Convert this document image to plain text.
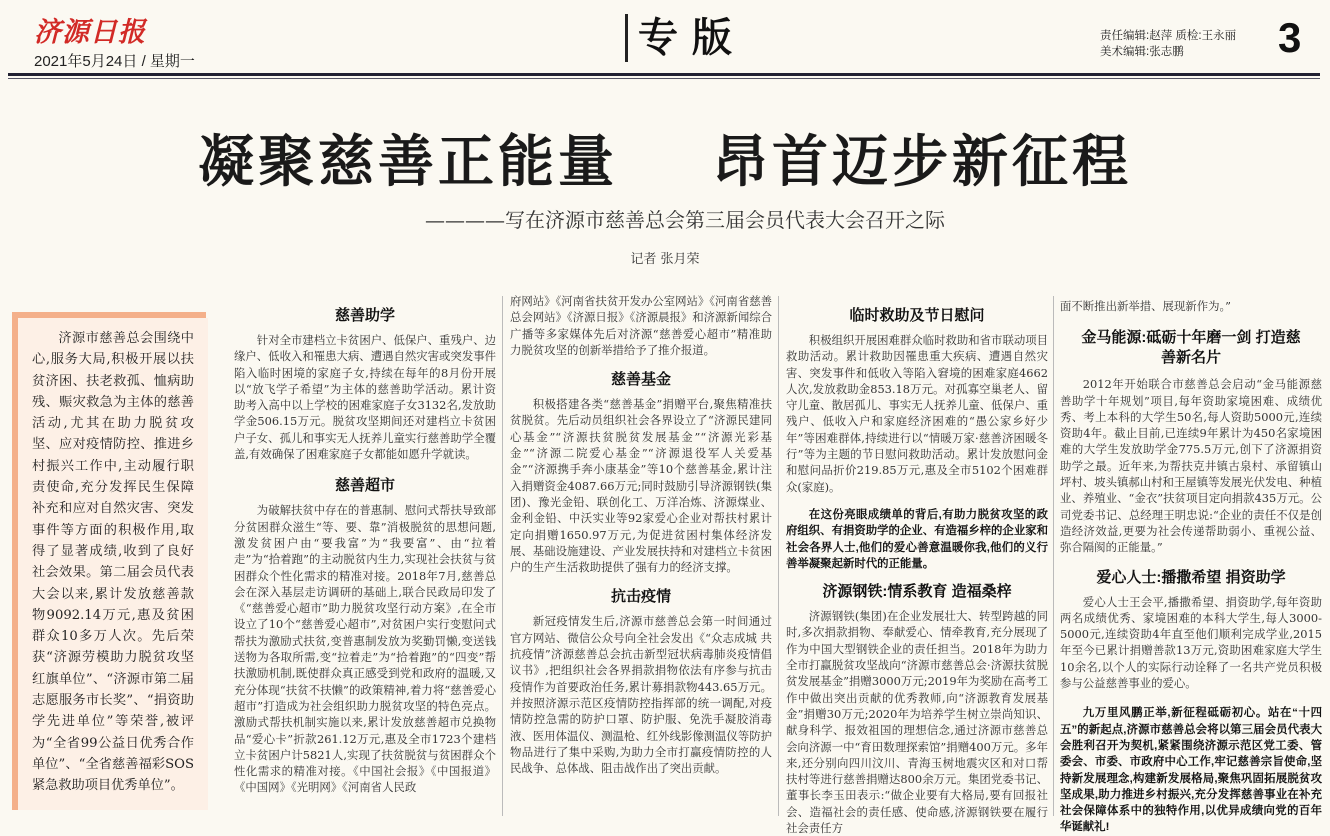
济源日报
2021年5月24日 / 星期一
专 版	责任编辑:赵萍 质检:王永丽
美术编辑:张志鹏	3
凝聚慈善正能量    昂首迈步新征程
————写在济源市慈善总会第三届会员代表大会召开之际
记者 张月荣
济源市慈善总会围绕中心,服务大局,积极开展以扶贫济困、扶老救孤、恤病助残、赈灾救急为主体的慈善活动,尤其在助力脱贫攻坚、应对疫情防控、推进乡村振兴工作中,主动履行职责使命,充分发挥民生保障补充和应对自然灾害、突发事件等方面的积极作用,取得了显著成绩,收到了良好社会效果。第二届会员代表大会以来,累计发放慈善款物9092.14万元,惠及贫困群众10多万人次。先后荣获“济源劳模助力脱贫攻坚红旗单位”、“济源市第二届志愿服务市长奖”、“捐资助学先进单位”等荣誉,被评为“全省99公益日优秀合作单位”、“全省慈善福彩SOS紧急救助项目优秀单位”。
慈善助学

针对全市建档立卡贫困户、低保户、重残户、边缘户、低收入和罹患大病、遭遇自然灾害或突发事件陷入临时困境的家庭子女,持续在每年的8月份开展以“放飞学子希望”为主体的慈善助学活动。累计资助考入高中以上学校的困难家庭子女3132名,发放助学金506.15万元。脱贫攻坚期间还对建档立卡贫困户子女、孤儿和事实无人抚养儿童实行慈善助学全覆盖,有效确保了困难家庭子女都能如愿升学就读。

慈善超市

为破解扶贫中存在的普惠制、慰问式帮扶导致部分贫困群众滋生“等、要、靠”消极脱贫的思想问题,激发贫困户由“要我富”为“我要富”、由“拉着走”为“拾着跑”的主动脱贫内生力,实现社会扶贫与贫困群众个性化需求的精准对接。2018年7月,慈善总会在深入基层走访调研的基础上,联合民政局印发了《“慈善爱心超市”助力脱贫攻坚行动方案》,在全市设立了10个“慈善爱心超市”,对贫困户实行变慰问式帮扶为激励式扶贫,变普惠制发放为奖勤罚懒,变送钱送物为各取所需,变“拉着走”为“拾着跑”的“四变”帮扶激励机制,既使群众真正感受到党和政府的温暖,又充分体现“扶贫不扶懒”的政策精神,着力将“慈善爱心超市”打造成为社会组织助力脱贫攻坚的特色亮点。激励式帮扶机制实施以来,累计发放慈善超市兑换物品“爱心卡”折款261.12万元,惠及全市1723个建档立卡贫困户计5821人,实现了扶贫脱贫与贫困群众个性化需求的精准对接。《中国社会报》《中国报道》《中国网》《光明网》《河南省人民政

府网站》《河南省扶贫开发办公室网站》《河南省慈善总会网站》《济源日报》《济源晨报》和济源新闻综合广播等多家媒体先后对济源“慈善爱心超市”精准助力脱贫攻坚的创新举措给予了推介报道。

慈善基金

积极搭建各类“慈善基金”捐赠平台,聚焦精准扶贫脱贫。先后动员组织社会各界设立了“济源民建同心基金”“济源扶贫脱贫发展基金”“济源光彩基金”“济源二院爱心基金”“济源退役军人关爱基金”“济源携手奔小康基金”等10个慈善基金,累计注入捐赠资金4087.66万元;同时鼓励引导济源钢铁(集团)、豫光金铅、联创化工、万洋冶炼、济源煤业、金利金铅、中沃实业等92家爱心企业对帮扶村累计定向捐赠1650.97万元,为促进贫困村集体经济发展、基础设施建设、产业发展扶持和对建档立卡贫困户的生产生活救助提供了强有力的经济支撑。

抗击疫情

新冠疫情发生后,济源市慈善总会第一时间通过官方网站、微信公众号向全社会发出《“众志成城 共抗疫情”济源慈善总会抗击新型冠状病毒肺炎疫情倡议书》,把组织社会各界捐款捐物依法有序参与抗击疫情作为首要政治任务,累计募捐款物443.65万元。并按照济源示范区疫情防控指挥部的统一调配,对疫情防控急需的防护口罩、防护服、免洗手凝胶消毒液、医用体温仪、测温枪、红外线影像测温仪等防护物品进行了集中采购,为助力全市打赢疫情防控的人民战争、总体战、阻击战作出了突出贡献。

临时救助及节日慰问

积极组织开展困难群众临时救助和省市联动项目救助活动。累计救助因罹患重大疾病、遭遇自然灾害、突发事件和低收入等陷入窘境的困难家庭4662人次,发放救助金853.18万元。对孤寡空巢老人、留守儿童、散居孤儿、事实无人抚养儿童、低保户、重残户、低收入户和家庭经济困难的“愚公家乡好少年”等困难群体,持续进行以“情暖万家·慈善济困暖冬行”等为主题的节日慰问救助活动。累计发放慰问金和慰问品折价219.85万元,惠及全市5102个困难群众(家庭)。

在这份亮眼成绩单的背后,有助力脱贫攻坚的政府组织、有捐资助学的企业、有造福乡梓的企业家和社会各界人士,他们的爱心善意温暖你我,他们的义行善举凝聚起新时代的正能量。

济源钢铁:情系教育 造福桑梓

济源钢铁(集团)在企业发展壮大、转型跨越的同时,多次捐款捐物、奉献爱心、情牵教育,充分展现了作为中国大型钢铁企业的责任担当。2018年为助力全市打赢脱贫攻坚战向“济源市慈善总会·济源扶贫脱贫发展基金”捐赠3000万元;2019年为奖励在高考工作中做出突出贡献的优秀教师,向“济源教育发展基金”捐赠30万元;2020年为培养学生树立崇尚知识、献身科学、报效祖国的理想信念,通过济源市慈善总会向济源一中“育田数理探索馆”捐赠400万元。多年来,还分别向四川汶川、青海玉树地震灾区和对口帮扶村等进行慈善捐赠达800余万元。集团党委书记、董事长李玉田表示:“做企业要有大格局,要有回报社会、造福社会的责任感、使命感,济源钢铁要在履行社会责任方

面不断推出新举措、展现新作为。”

金马能源:砥砺十年磨一剑 打造慈善新名片

2012年开始联合市慈善总会启动“金马能源慈善助学十年规划”项目,每年资助家境困难、成绩优秀、考上本科的大学生50名,每人资助5000元,连续资助4年。截止目前,已连续9年累计为450名家境困难的大学生发放助学金775.5万元,创下了济源捐资助学之最。近年来,为帮扶克井镇古泉村、承留镇山坪村、坡头镇郝山村和王屋镇等发展光伏发电、种植业、养殖业、“金衣”扶贫项目定向捐款435万元。公司党委书记、总经理王明忠说:“企业的责任不仅是创造经济效益,更要为社会传递帮助弱小、重视公益、弥合隔阂的正能量。”

爱心人士:播撒希望 捐资助学

爱心人士王会平,播撒希望、捐资助学,每年资助两名成绩优秀、家境困难的本科大学生,每人3000-5000元,连续资助4年直至他们顺利完成学业,2015年至今已累计捐赠善款13万元,资助困难家庭大学生10余名,以个人的实际行动诠释了一名共产党员积极参与公益慈善事业的爱心。

九万里风鹏正举,新征程砥砺初心。站在“十四五”的新起点,济源市慈善总会将以第三届会员代表大会胜利召开为契机,紧紧围绕济源示范区党工委、管委会、市委、市政府中心工作,牢记慈善宗旨使命,坚持新发展理念,构建新发展格局,聚焦巩固拓展脱贫攻坚成果,助力推进乡村振兴,充分发挥慈善事业在补充社会保障体系中的独特作用,以优异成绩向党的百年华诞献礼!
